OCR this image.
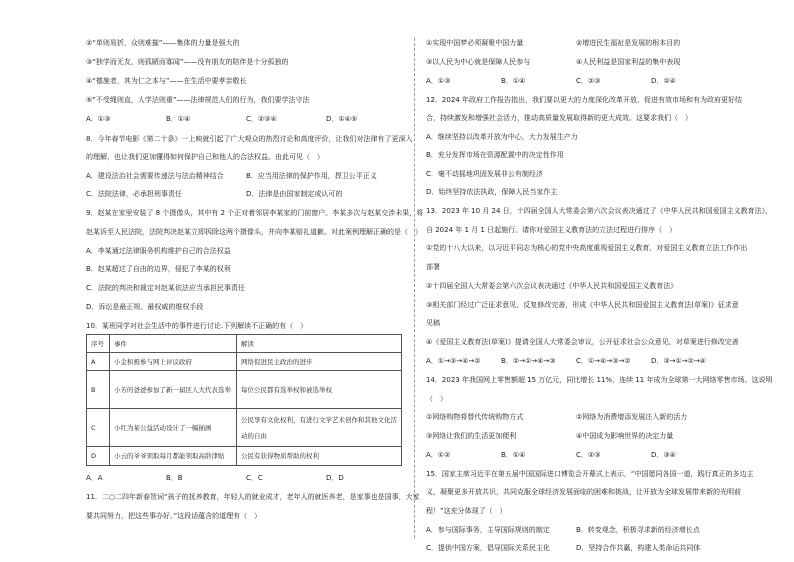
②“单则易折，众则难摧”——集体的力量是强大的
③“独学而无友，则孤陋而寡闻”——没有朋友的陪伴是十分孤独的
④“德施者，其为仁之本与”——在生活中要孝亲敬长
⑤“不受绳则直，人学法则重”——法律规范人们的行为，我们要学法守法
A．①③	B．①④	C．②③④	D．①④⑤
8．今年春节电影《第二十条》一上映就引起了广大观众的热烈讨论和高度评价，让我们对法律有了更深入
的理解，也让我们更加懂得如何保护自己和他人的合法权益。由此可见（　）
A．建设法治社会需要传递法与法治精神结合	B．应当用法律的保护作用，捍卫公平正义
C．法院法律，必承担刑事责任	D．法律是由国家制定或认可的
9．赵某在家里安装了 8 个摄像头，其中有 2 个正对着邻居李某家的门前窗户。李某多次与赵某交涉未果，将
赵某诉至人民法院，法院判决赵某立即拆除这两个摄像头，并向李某赔礼道歉。对此案例理解正确的是（　）
A．李某通过法律服务机构维护自己的合法权益
B．赵某超过了自由的边界，侵犯了李某的权利
C．法院的判决和裁定对赵某依法应当承担民事责任
D．诉讼是最正规、最权威的维权手段
10．某班同学对社会生活中的事件进行讨论.下列解读不正确的有（　）
序号	事件	解读
A	小金积极参与网上评议政府	网络促进民主政治的进步
B	小芳的爸爸参加了新一届区人大代表选举	每位公民都有选举权和被选举权
C	小红为某公益活动设计了一幅插画	公民享有文化权利，有进行文学艺术创作和其他文化活动的自由
D	小云的爷爷领取每月都能领取高龄津贴	公民有获得物质帮助的权利
A．A	B．B	C．C	D．D
11．二○二四年新春贺词“孩子的抚养教育，年轻人的就业成才，老年人的就医养老，是家事也是国事，大家
要共同努力，把这些事办好。”这段话蕴含的道理有（　）
①实现中国梦必须凝聚中国力量	②增进民生福祉是发展的根本目的
③以人民为中心就是保障人民参与	④人民利益是国家利益的集中表现
A．①③	B．①④	C．②③	D．②④
12．2024 年政府工作报告指出，我们要以更大的力度深化改革开放，促进有效市场和有为政府更好结
合，持续激发和增强社会活力，推动高质量发展取得新的更大成效。这要求我们（　）
A．继续坚持以改革开放为中心，大力发展生产力
B．充分发挥市场在资源配置中的决定性作用
C．毫不动摇地巩固发展非公有制经济
D．始终坚持依法执政，保障人民当家作主
13．2023 年 10 月 24 日，十四届全国人大常委会第六次会议表决通过了《中华人民共和国爱国主义教育法》，
自 2024 年 1 月 1 日起施行。请你对爱国主义教育法的立法过程进行排序（　）
①党的十八大以来，以习近平同志为核心的党中央高度重视爱国主义教育，对爱国主义教育立法工作作出
部署
②十四届全国人大常委会第六次会议表决通过《中华人民共和国爱国主义教育法》
③相关部门经过广泛征求意见、反复修改完善，形成《中华人民共和国爱国主义教育法(草案)》征求意
见稿
④《爱国主义教育法(草案)》提请全国人大常委会审议，公开征求社会公众意见，对草案进行修改完善
A．①→③→④→②	B．②→①→④→③	C．①→④→③→②	D．③→①→②→④
14．2023 年我国网上零售额超 15 万亿元，同比增长 11%，连续 11 年成为全球第一大网络零售市场。这说明
（　）
①网络购物将替代传统购物方式	②网络为消费增添发展注入新的活力
③网络让我们的生活更加便利	④中国成为影响世界的决定力量
A．①②	B．①④	C．②③	D．③④
15．国家主席习近平在第五届中国国际进口博览会开幕式上表示，“中国愿同各国一道，践行真正的多边主
义，凝聚更多开放共识，共同克服全球经济发展面临的困难和挑战，让开放为全球发展带来新的光明前
程！”这充分体现了（　）
A．参与国际事务，主导国际规则的制定	B．转变观念，积极寻求新的经济增长点
C．提供中国方案，倡导国际关系民主化	D．坚持合作共赢，构建人类命运共同体
